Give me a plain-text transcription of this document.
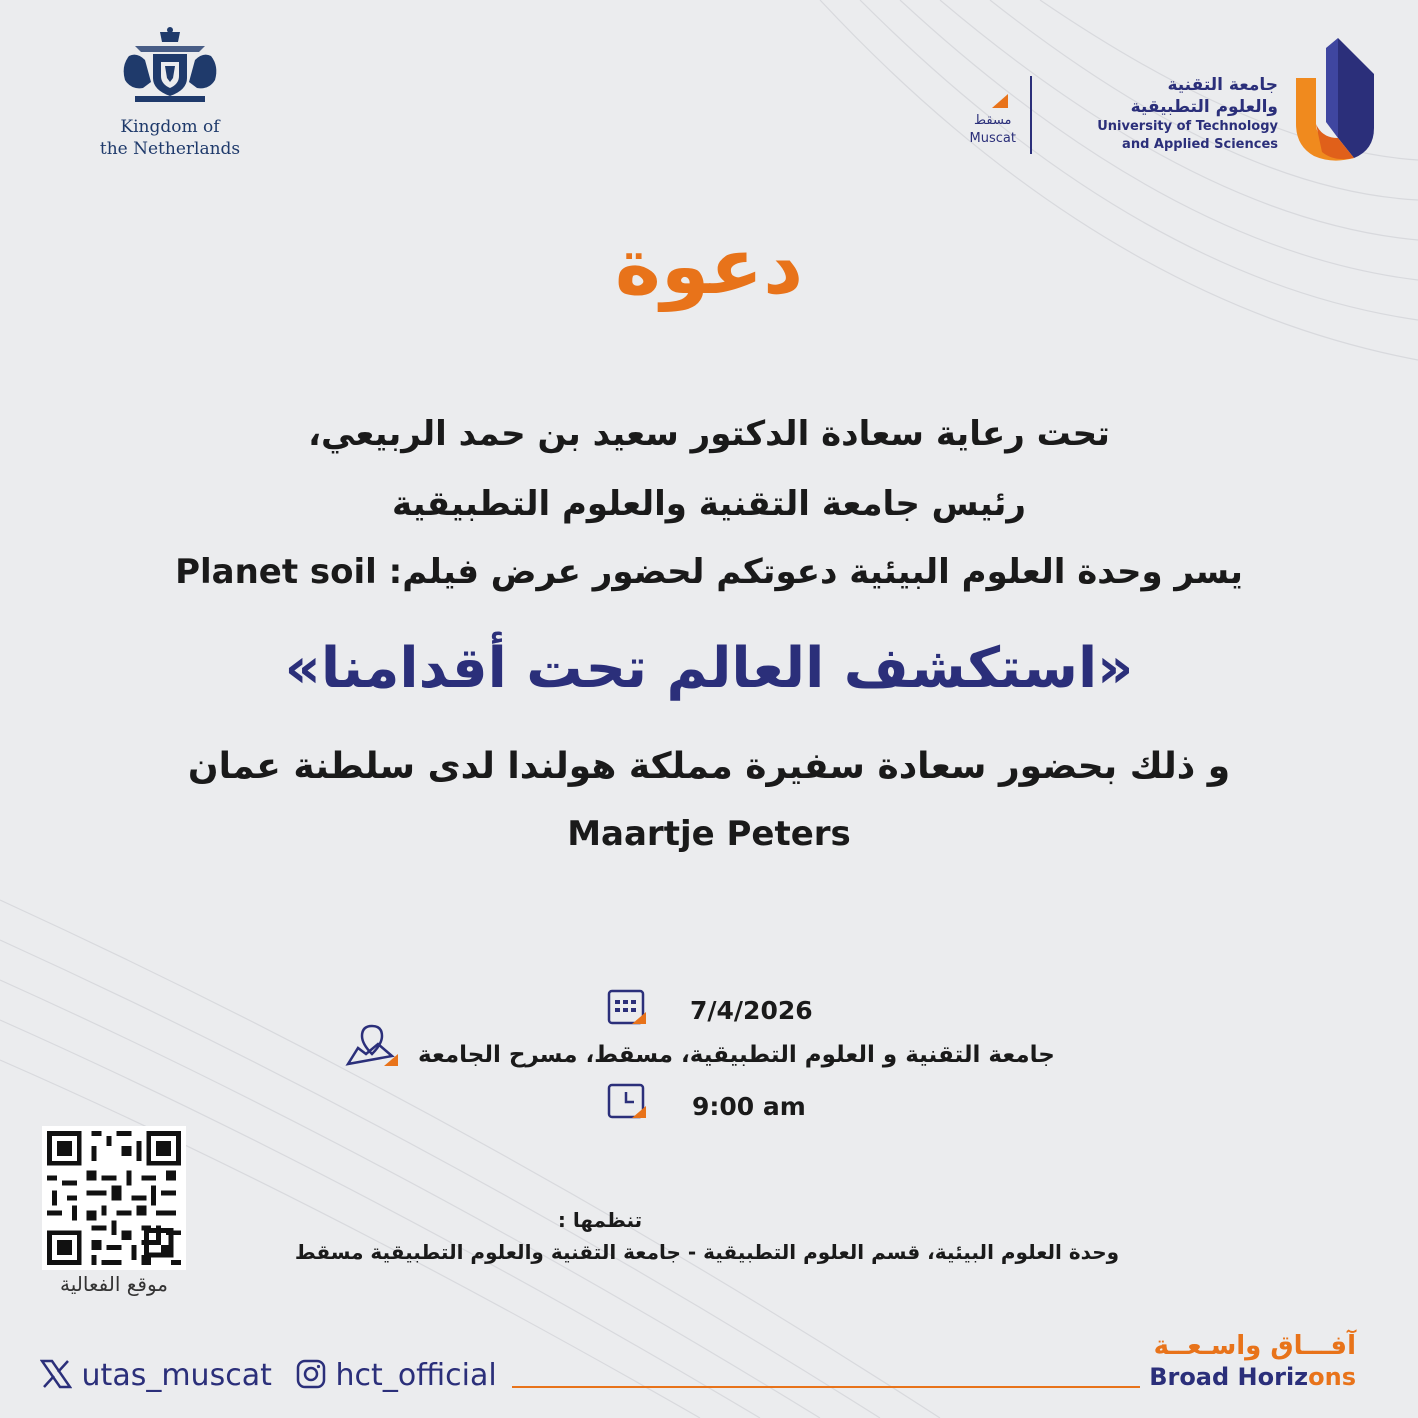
Kingdom of
the Netherlands
جامعة التقنية
والعلوم التطبيقية
University of Technology
and Applied Sciences
مسقط
Muscat
دعوة
تحت رعاية سعادة الدكتور سعيد بن حمد الربيعي،
رئيس جامعة التقنية والعلوم التطبيقية
يسر وحدة العلوم البيئية دعوتكم لحضور عرض فيلم: Planet soil
«استكشف العالم تحت أقدامنا»
و ذلك بحضور سعادة سفيرة مملكة هولندا لدى سلطنة عمان
Maartje Peters
7/4/2026
جامعة التقنية و العلوم التطبيقية، مسقط، مسرح الجامعة
9:00 am
تنظمها :
وحدة العلوم البيئية، قسم العلوم التطبيقية - جامعة التقنية والعلوم التطبيقية مسقط
موقع الفعالية
utas_muscat	hct_official
آفـــاق واسـعــة
Broad Horizons
